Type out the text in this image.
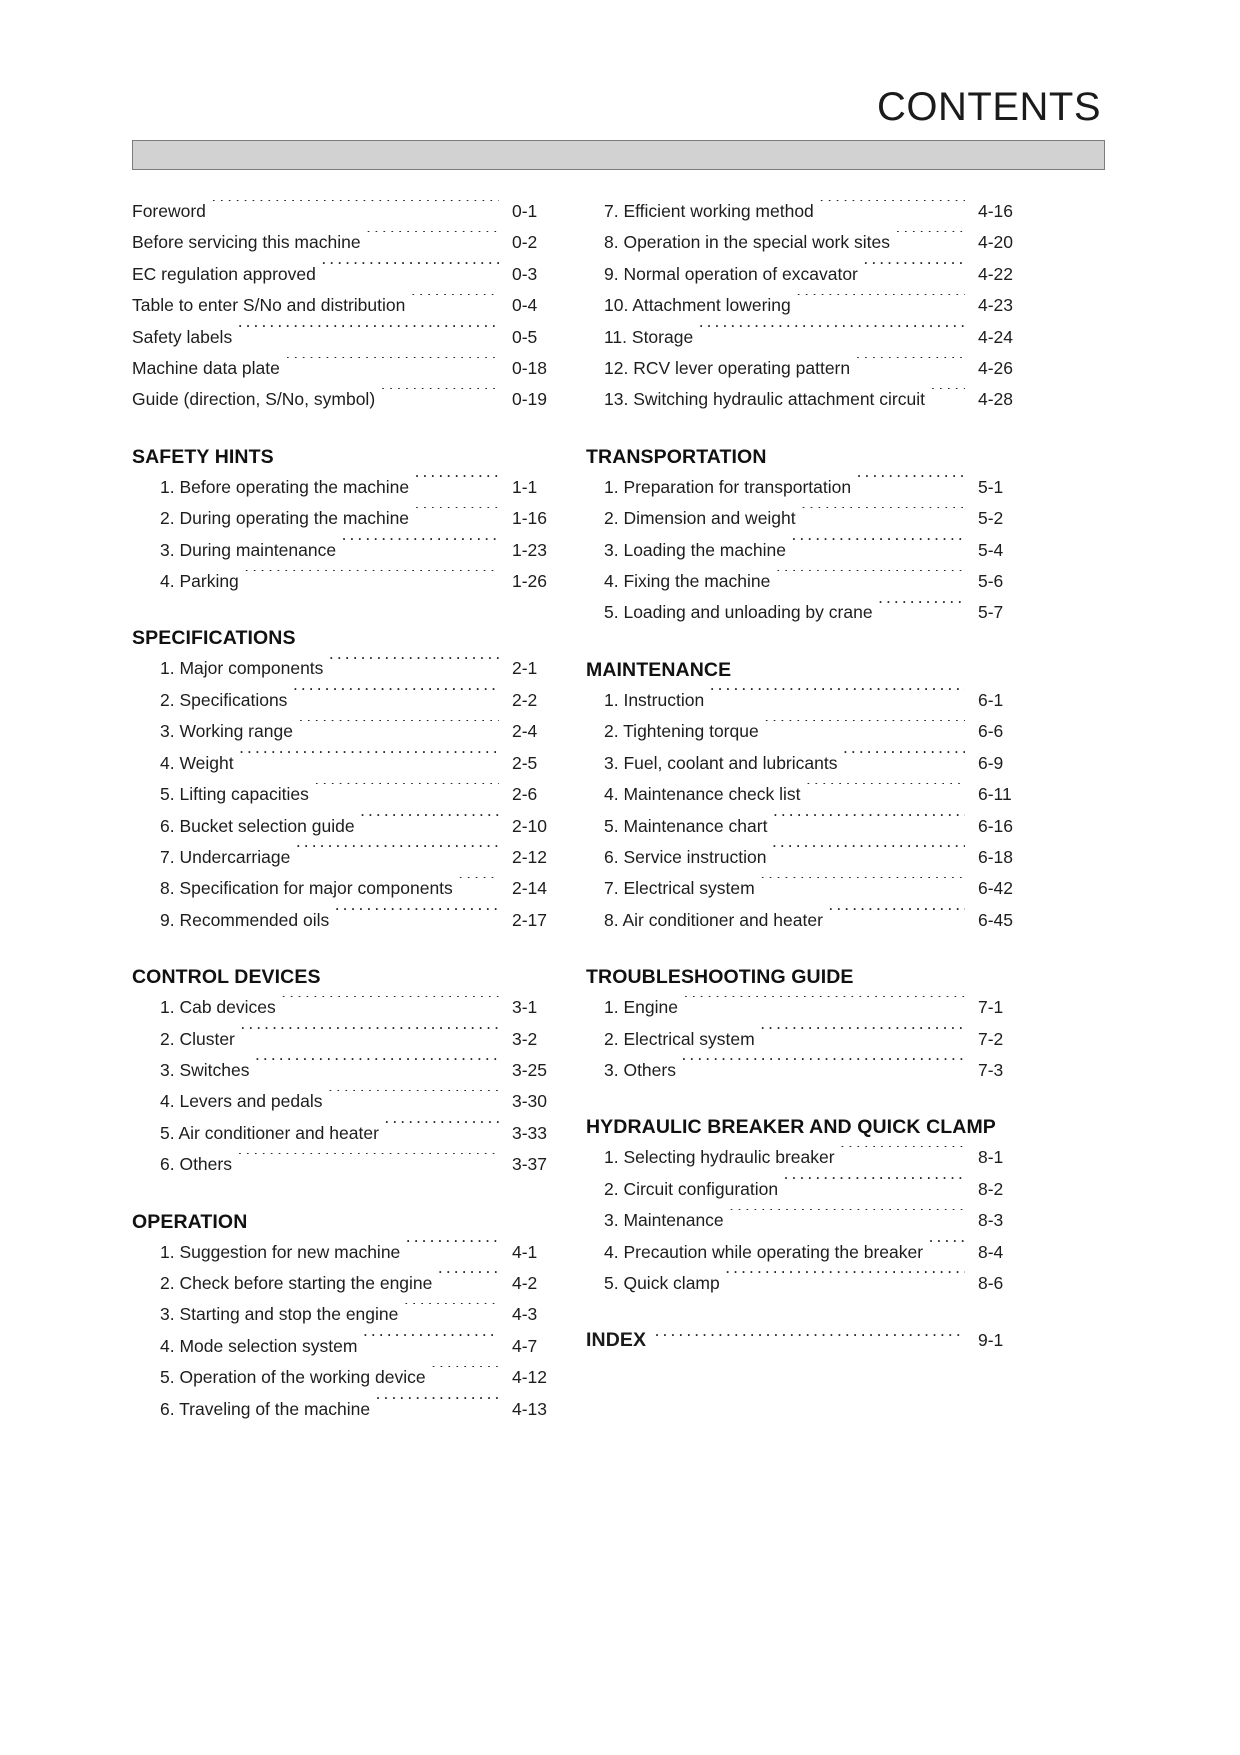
CONTENTS
Foreword ·····	0-1
Before servicing this machine ·····	0-2
EC regulation approved ·····	0-3
Table to enter S/No and distribution ·····	0-4
Safety labels ·····	0-5
Machine data plate ·····	0-18
Guide (direction, S/No, symbol) ·····	0-19
SAFETY HINTS
1. Before operating the machine ·····	1-1
2. During operating the machine ·····	1-16
3. During maintenance ·····	1-23
4. Parking ·····	1-26
SPECIFICATIONS
1. Major components ·····	2-1
2. Specifications ·····	2-2
3. Working range ·····	2-4
4. Weight ·····	2-5
5. Lifting capacities ·····	2-6
6. Bucket selection guide ·····	2-10
7. Undercarriage ·····	2-12
8. Specification for major components ·····	2-14
9. Recommended oils ·····	2-17
CONTROL DEVICES
1. Cab devices ·····	3-1
2. Cluster ·····	3-2
3. Switches ·····	3-25
4. Levers and pedals ·····	3-30
5. Air conditioner and heater ·····	3-33
6. Others ·····	3-37
OPERATION
1. Suggestion for new machine ·····	4-1
2. Check before starting the engine ·····	4-2
3. Starting and stop the engine ·····	4-3
4. Mode selection system ·····	4-7
5. Operation of the working device ·····	4-12
6. Traveling of the machine ·····	4-13
7. Efficient working method ·····	4-16
8. Operation in the special work sites ·····	4-20
9. Normal operation of excavator ·····	4-22
10. Attachment lowering ·····	4-23
11. Storage ·····	4-24
12. RCV lever operating pattern ·····	4-26
13. Switching hydraulic attachment circuit ·····	4-28
TRANSPORTATION
1. Preparation for transportation ·····	5-1
2. Dimension and weight ·····	5-2
3. Loading the machine ·····	5-4
4. Fixing the machine ·····	5-6
5. Loading and unloading by crane ·····	5-7
MAINTENANCE
1. Instruction ·····	6-1
2. Tightening torque ·····	6-6
3. Fuel, coolant and lubricants ·····	6-9
4. Maintenance check list ·····	6-11
5. Maintenance chart ·····	6-16
6. Service instruction ·····	6-18
7. Electrical system ·····	6-42
8. Air conditioner and heater ·····	6-45
TROUBLESHOOTING GUIDE
1. Engine ·····	7-1
2. Electrical system ·····	7-2
3. Others ·····	7-3
HYDRAULIC BREAKER AND QUICK CLAMP
1. Selecting hydraulic breaker ·····	8-1
2. Circuit configuration ·····	8-2
3. Maintenance ·····	8-3
4. Precaution while operating the breaker ·····	8-4
5. Quick clamp ·····	8-6
INDEX ·····	9-1
